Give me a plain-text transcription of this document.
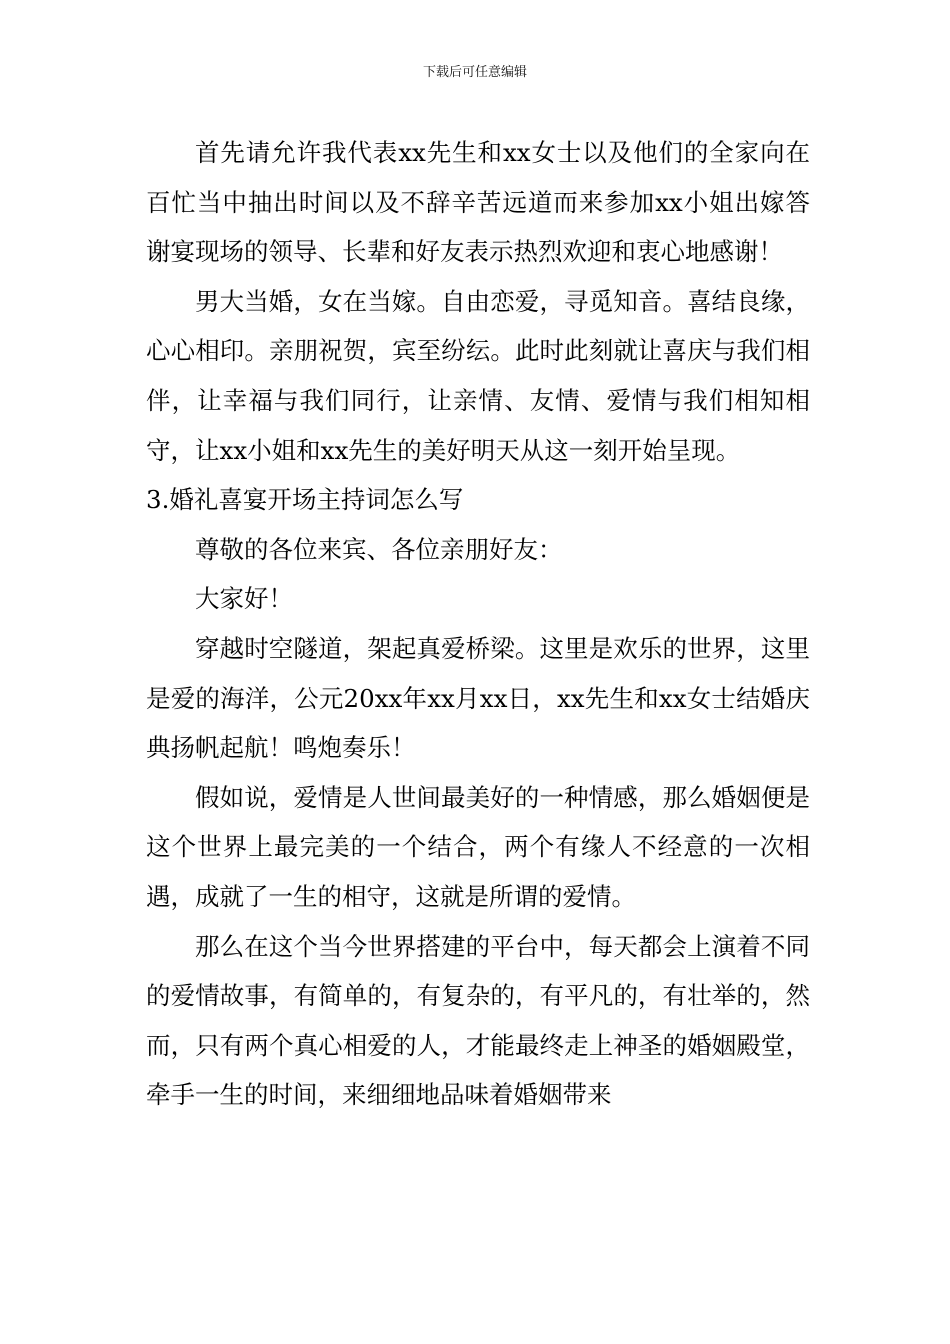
下载后可任意编辑

首先请允许我代表xx先生和xx女士以及他们的全家向在百忙当中抽出时间以及不辞辛苦远道而来参加xx小姐出嫁答谢宴现场的领导、长辈和好友表示热烈欢迎和衷心地感谢！

男大当婚，女在当嫁。自由恋爱，寻觅知音。喜结良缘，心心相印。亲朋祝贺，宾至纷纭。此时此刻就让喜庆与我们相伴，让幸福与我们同行，让亲情、友情、爱情与我们相知相守，让xx小姐和xx先生的美好明天从这一刻开始呈现。

3.婚礼喜宴开场主持词怎么写

尊敬的各位来宾、各位亲朋好友：

大家好！

穿越时空隧道，架起真爱桥梁。这里是欢乐的世界，这里是爱的海洋，公元20xx年xx月xx日，xx先生和xx女士结婚庆典扬帆起航！鸣炮奏乐！

假如说，爱情是人世间最美好的一种情感，那么婚姻便是这个世界上最完美的一个结合，两个有缘人不经意的一次相遇，成就了一生的相守，这就是所谓的爱情。

那么在这个当今世界搭建的平台中，每天都会上演着不同的爱情故事，有简单的，有复杂的，有平凡的，有壮举的，然而，只有两个真心相爱的人，才能最终走上神圣的婚姻殿堂，牵手一生的时间，来细细地品味着婚姻带来
